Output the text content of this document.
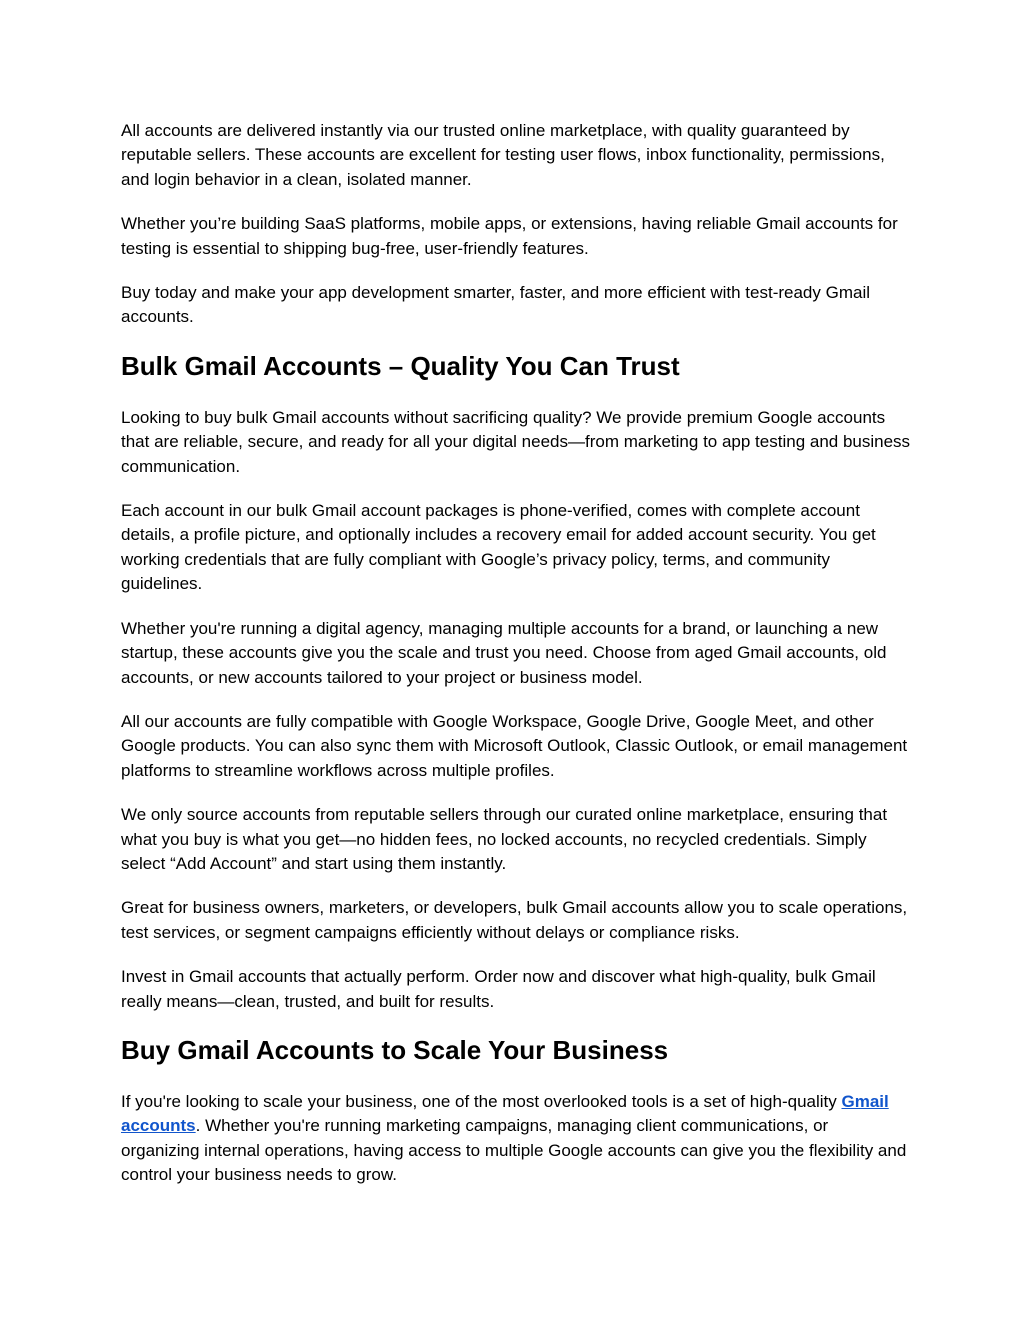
All accounts are delivered instantly via our trusted online marketplace, with quality guaranteed by reputable sellers. These accounts are excellent for testing user flows, inbox functionality, permissions, and login behavior in a clean, isolated manner.

Whether you’re building SaaS platforms, mobile apps, or extensions, having reliable Gmail accounts for testing is essential to shipping bug-free, user-friendly features.

Buy today and make your app development smarter, faster, and more efficient with test-ready Gmail accounts.

Bulk Gmail Accounts – Quality You Can Trust

Looking to buy bulk Gmail accounts without sacrificing quality? We provide premium Google accounts that are reliable, secure, and ready for all your digital needs—from marketing to app testing and business communication.

Each account in our bulk Gmail account packages is phone-verified, comes with complete account details, a profile picture, and optionally includes a recovery email for added account security. You get working credentials that are fully compliant with Google’s privacy policy, terms, and community guidelines.

Whether you're running a digital agency, managing multiple accounts for a brand, or launching a new startup, these accounts give you the scale and trust you need. Choose from aged Gmail accounts, old accounts, or new accounts tailored to your project or business model.

All our accounts are fully compatible with Google Workspace, Google Drive, Google Meet, and other Google products. You can also sync them with Microsoft Outlook, Classic Outlook, or email management platforms to streamline workflows across multiple profiles.

We only source accounts from reputable sellers through our curated online marketplace, ensuring that what you buy is what you get—no hidden fees, no locked accounts, no recycled credentials. Simply select “Add Account” and start using them instantly.

Great for business owners, marketers, or developers, bulk Gmail accounts allow you to scale operations, test services, or segment campaigns efficiently without delays or compliance risks.

Invest in Gmail accounts that actually perform. Order now and discover what high-quality, bulk Gmail really means—clean, trusted, and built for results.

Buy Gmail Accounts to Scale Your Business

If you're looking to scale your business, one of the most overlooked tools is a set of high-quality Gmail accounts. Whether you're running marketing campaigns, managing client communications, or organizing internal operations, having access to multiple Google accounts can give you the flexibility and control your business needs to grow.
